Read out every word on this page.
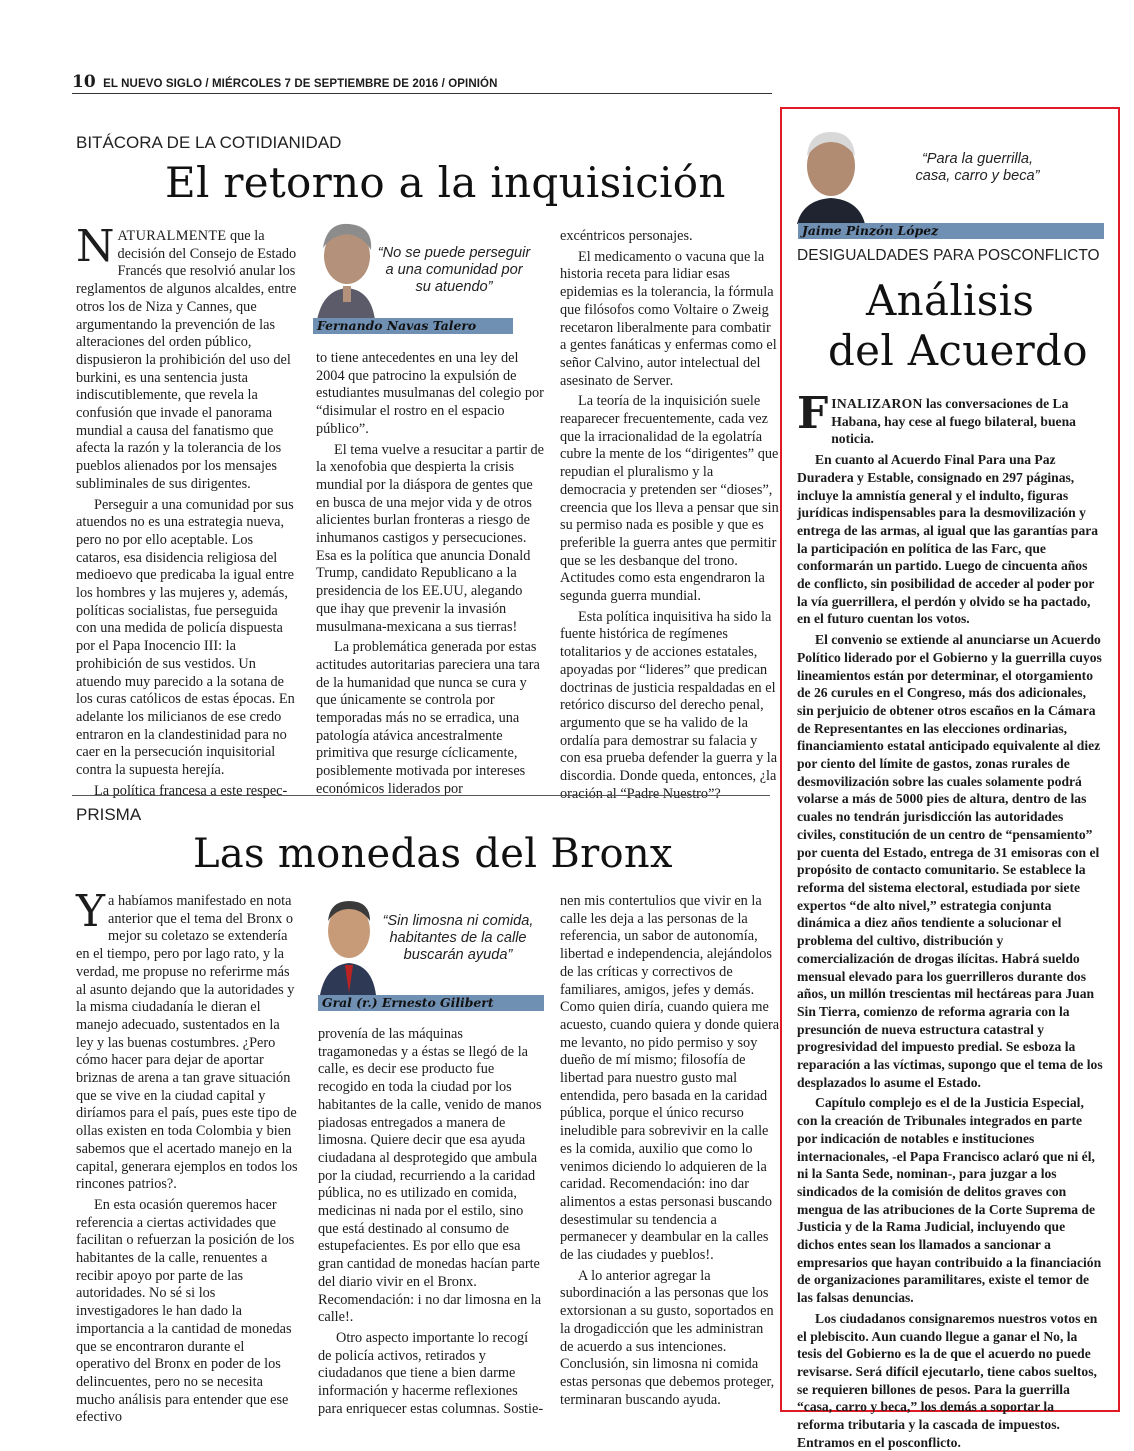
10 EL NUEVO SIGLO / MIÉRCOLES 7 DE SEPTIEMBRE DE 2016 / OPINIÓN
BITÁCORA DE LA COTIDIANIDAD
El retorno a la inquisición

NATURALMENTE que la decisión del Consejo de Estado Francés que resolvió anular los reglamentos de algunos alcaldes, entre otros los de Niza y Cannes, que argumentando la prevención de las alteraciones del orden público, dispusieron la prohibición del uso del burkini, es una sentencia justa indiscutiblemente, que revela la confusión que invade el panorama mundial a causa del fanatismo que afecta la razón y la tolerancia de los pueblos alienados por los mensajes subliminales de sus dirigentes.

Perseguir a una comunidad por sus atuendos no es una estrategia nueva, pero no por ello aceptable. Los cataros, esa disidencia religiosa del medioevo que predicaba la igual entre los hombres y las mujeres y, además, políticas socialistas, fue perseguida con una medida de policía dispuesta por el Papa Inocencio III: la prohibición de sus vestidos. Un atuendo muy parecido a la sotana de los curas católicos de estas épocas. En adelante los milicianos de ese credo entraron en la clandestinidad para no caer en la persecución inquisitorial contra la supuesta herejía.

La política francesa a este respec-

“No se puede perseguir a una comunidad por su atuendo”
Fernando Navas Talero

to tiene antecedentes en una ley del 2004 que patrocino la expulsión de estudiantes musulmanas del colegio por “disimular el rostro en el espacio público”.

El tema vuelve a resucitar a partir de la xenofobia que despierta la crisis mundial por la diáspora de gentes que en busca de una mejor vida y de otros alicientes burlan fronteras a riesgo de inhumanos castigos y persecuciones. Esa es la política que anuncia Donald Trump, candidato Republicano a la presidencia de los EE.UU, alegando que ihay que prevenir la invasión musulmana-mexicana a sus tierras!

La problemática generada por estas actitudes autoritarias pareciera una tara de la humanidad que nunca se cura y que únicamente se controla por temporadas más no se erradica, una patología atávica ancestralmente primitiva que resurge cíclicamente, posiblemente motivada por intereses económicos liderados por

excéntricos personajes.

El medicamento o vacuna que la historia receta para lidiar esas epidemias es la tolerancia, la fórmula que filósofos como Voltaire o Zweig recetaron liberalmente para combatir a gentes fanáticas y enfermas como el señor Calvino, autor intelectual del asesinato de Server.

La teoría de la inquisición suele reaparecer frecuentemente, cada vez que la irracionalidad de la egolatría cubre la mente de los “dirigentes” que repudian el pluralismo y la democracia y pretenden ser “dioses”, creencia que los lleva a pensar que sin su permiso nada es posible y que es preferible la guerra antes que permitir que se les desbanque del trono. Actitudes como esta engendraron la segunda guerra mundial.

Esta política inquisitiva ha sido la fuente histórica de regímenes totalitarios y de acciones estatales, apoyadas por “lideres” que predican doctrinas de justicia respaldadas en el retórico discurso del derecho penal, argumento que se ha valido de la ordalía para demostrar su falacia y con esa prueba defender la guerra y la discordia. Donde queda, entonces, ¿la oración al “Padre Nuestro”?

PRISMA
Las monedas del Bronx

Ya habíamos manifestado en nota anterior que el tema del Bronx o mejor su coletazo se extendería en el tiempo, pero por lago rato, y la verdad, me propuse no referirme más al asunto dejando que la autoridades y la misma ciudadanía le dieran el manejo adecuado, sustentados en la ley y las buenas costumbres. ¿Pero cómo hacer para dejar de aportar briznas de arena a tan grave situación que se vive en la ciudad capital y diríamos para el país, pues este tipo de ollas existen en toda Colombia y bien sabemos que el acertado manejo en la capital, generara ejemplos en todos los rincones patrios?.

En esta ocasión queremos hacer referencia a ciertas actividades que facilitan o refuerzan la posición de los habitantes de la calle, renuentes a recibir apoyo por parte de las autoridades. No sé si los investigadores le han dado la importancia a la cantidad de monedas que se encontraron durante el operativo del Bronx en poder de los delincuentes, pero no se necesita mucho análisis para entender que ese efectivo

“Sin limosna ni comida, habitantes de la calle buscarán ayuda”
Gral (r.) Ernesto Gilibert

provenía de las máquinas tragamonedas y a éstas se llegó de la calle, es decir ese producto fue recogido en toda la ciudad por los habitantes de la calle, venido de manos piadosas entregados a manera de limosna. Quiere decir que esa ayuda ciudadana al desprotegido que ambula por la ciudad, recurriendo a la caridad pública, no es utilizado en comida, medicinas ni nada por el estilo, sino que está destinado al consumo de estupefacientes. Es por ello que esa gran cantidad de monedas hacían parte del diario vivir en el Bronx. Recomendación: i no dar limosna en la calle!.

Otro aspecto importante lo recogí de policía activos, retirados y ciudadanos que tiene a bien darme información y hacerme reflexiones para enriquecer estas columnas. Sostie-

nen mis contertulios que vivir en la calle les deja a las personas de la referencia, un sabor de autonomía, libertad e independencia, alejándolos de las críticas y correctivos de familiares, amigos, jefes y demás. Como quien diría, cuando quiera me acuesto, cuando quiera y donde quiera me levanto, no pido permiso y soy dueño de mí mismo; filosofía de libertad para nuestro gusto mal entendida, pero basada en la caridad pública, porque el único recurso ineludible para sobrevivir en la calle es la comida, auxilio que como lo venimos diciendo lo adquieren de la caridad. Recomendación: ino dar alimentos a estas personasi buscando desestimular su tendencia a permanecer y deambular en la calles de las ciudades y pueblos!.

A lo anterior agregar la subordinación a las personas que los extorsionan a su gusto, soportados en la drogadicción que les administran de acuerdo a sus intenciones. Conclusión, sin limosna ni comida estas personas que debemos proteger, terminaran buscando ayuda.

“Para la guerrilla, casa, carro y beca”
Jaime Pinzón López
DESIGUALDADES PARA POSCONFLICTO
Análisis
del Acuerdo

FINALIZARON las conversaciones de La Habana, hay cese al fuego bilateral, buena noticia.

En cuanto al Acuerdo Final Para una Paz Duradera y Estable, consignado en 297 páginas, incluye la amnistía general y el indulto, figuras jurídicas indispensables para la desmovilización y entrega de las armas, al igual que las garantías para la participación en política de las Farc, que conformarán un partido. Luego de cincuenta años de conflicto, sin posibilidad de acceder al poder por la vía guerrillera, el perdón y olvido se ha pactado, en el futuro cuentan los votos.

El convenio se extiende al anunciarse un Acuerdo Político liderado por el Gobierno y la guerrilla cuyos lineamientos están por determinar, el otorgamiento de 26 curules en el Congreso, más dos adicionales, sin perjuicio de obtener otros escaños en la Cámara de Representantes en las elecciones ordinarias, financiamiento estatal anticipado equivalente al diez por ciento del límite de gastos, zonas rurales de desmovilización sobre las cuales solamente podrá volarse a más de 5000 pies de altura, dentro de las cuales no tendrán jurisdicción las autoridades civiles, constitución de un centro de “pensamiento” por cuenta del Estado, entrega de 31 emisoras con el propósito de contacto comunitario. Se establece la reforma del sistema electoral, estudiada por siete expertos “de alto nivel,” estrategia conjunta dinámica a diez años tendiente a solucionar el problema del cultivo, distribución y comercialización de drogas ilícitas. Habrá sueldo mensual elevado para los guerrilleros durante dos años, un millón trescientas mil hectáreas para Juan Sin Tierra, comienzo de reforma agraria con la presunción de nueva estructura catastral y progresividad del impuesto predial. Se esboza la reparación a las víctimas, supongo que el tema de los desplazados lo asume el Estado.

Capítulo complejo es el de la Justicia Especial, con la creación de Tribunales integrados en parte por indicación de notables e instituciones internacionales, -el Papa Francisco aclaró que ni él, ni la Santa Sede, nominan-, para juzgar a los sindicados de la comisión de delitos graves con mengua de las atribuciones de la Corte Suprema de Justicia y de la Rama Judicial, incluyendo que dichos entes sean los llamados a sancionar a empresarios que hayan contribuido a la financiación de organizaciones paramilitares, existe el temor de las falsas denuncias.

Los ciudadanos consignaremos nuestros votos en el plebiscito. Aun cuando llegue a ganar el No, la tesis del Gobierno es la de que el acuerdo no puede revisarse. Será difícil ejecutarlo, tiene cabos sueltos, se requieren billones de pesos. Para la guerrilla “casa, carro y beca,” los demás a soportar la reforma tributaria y la cascada de impuestos. Entramos en el posconflicto.
